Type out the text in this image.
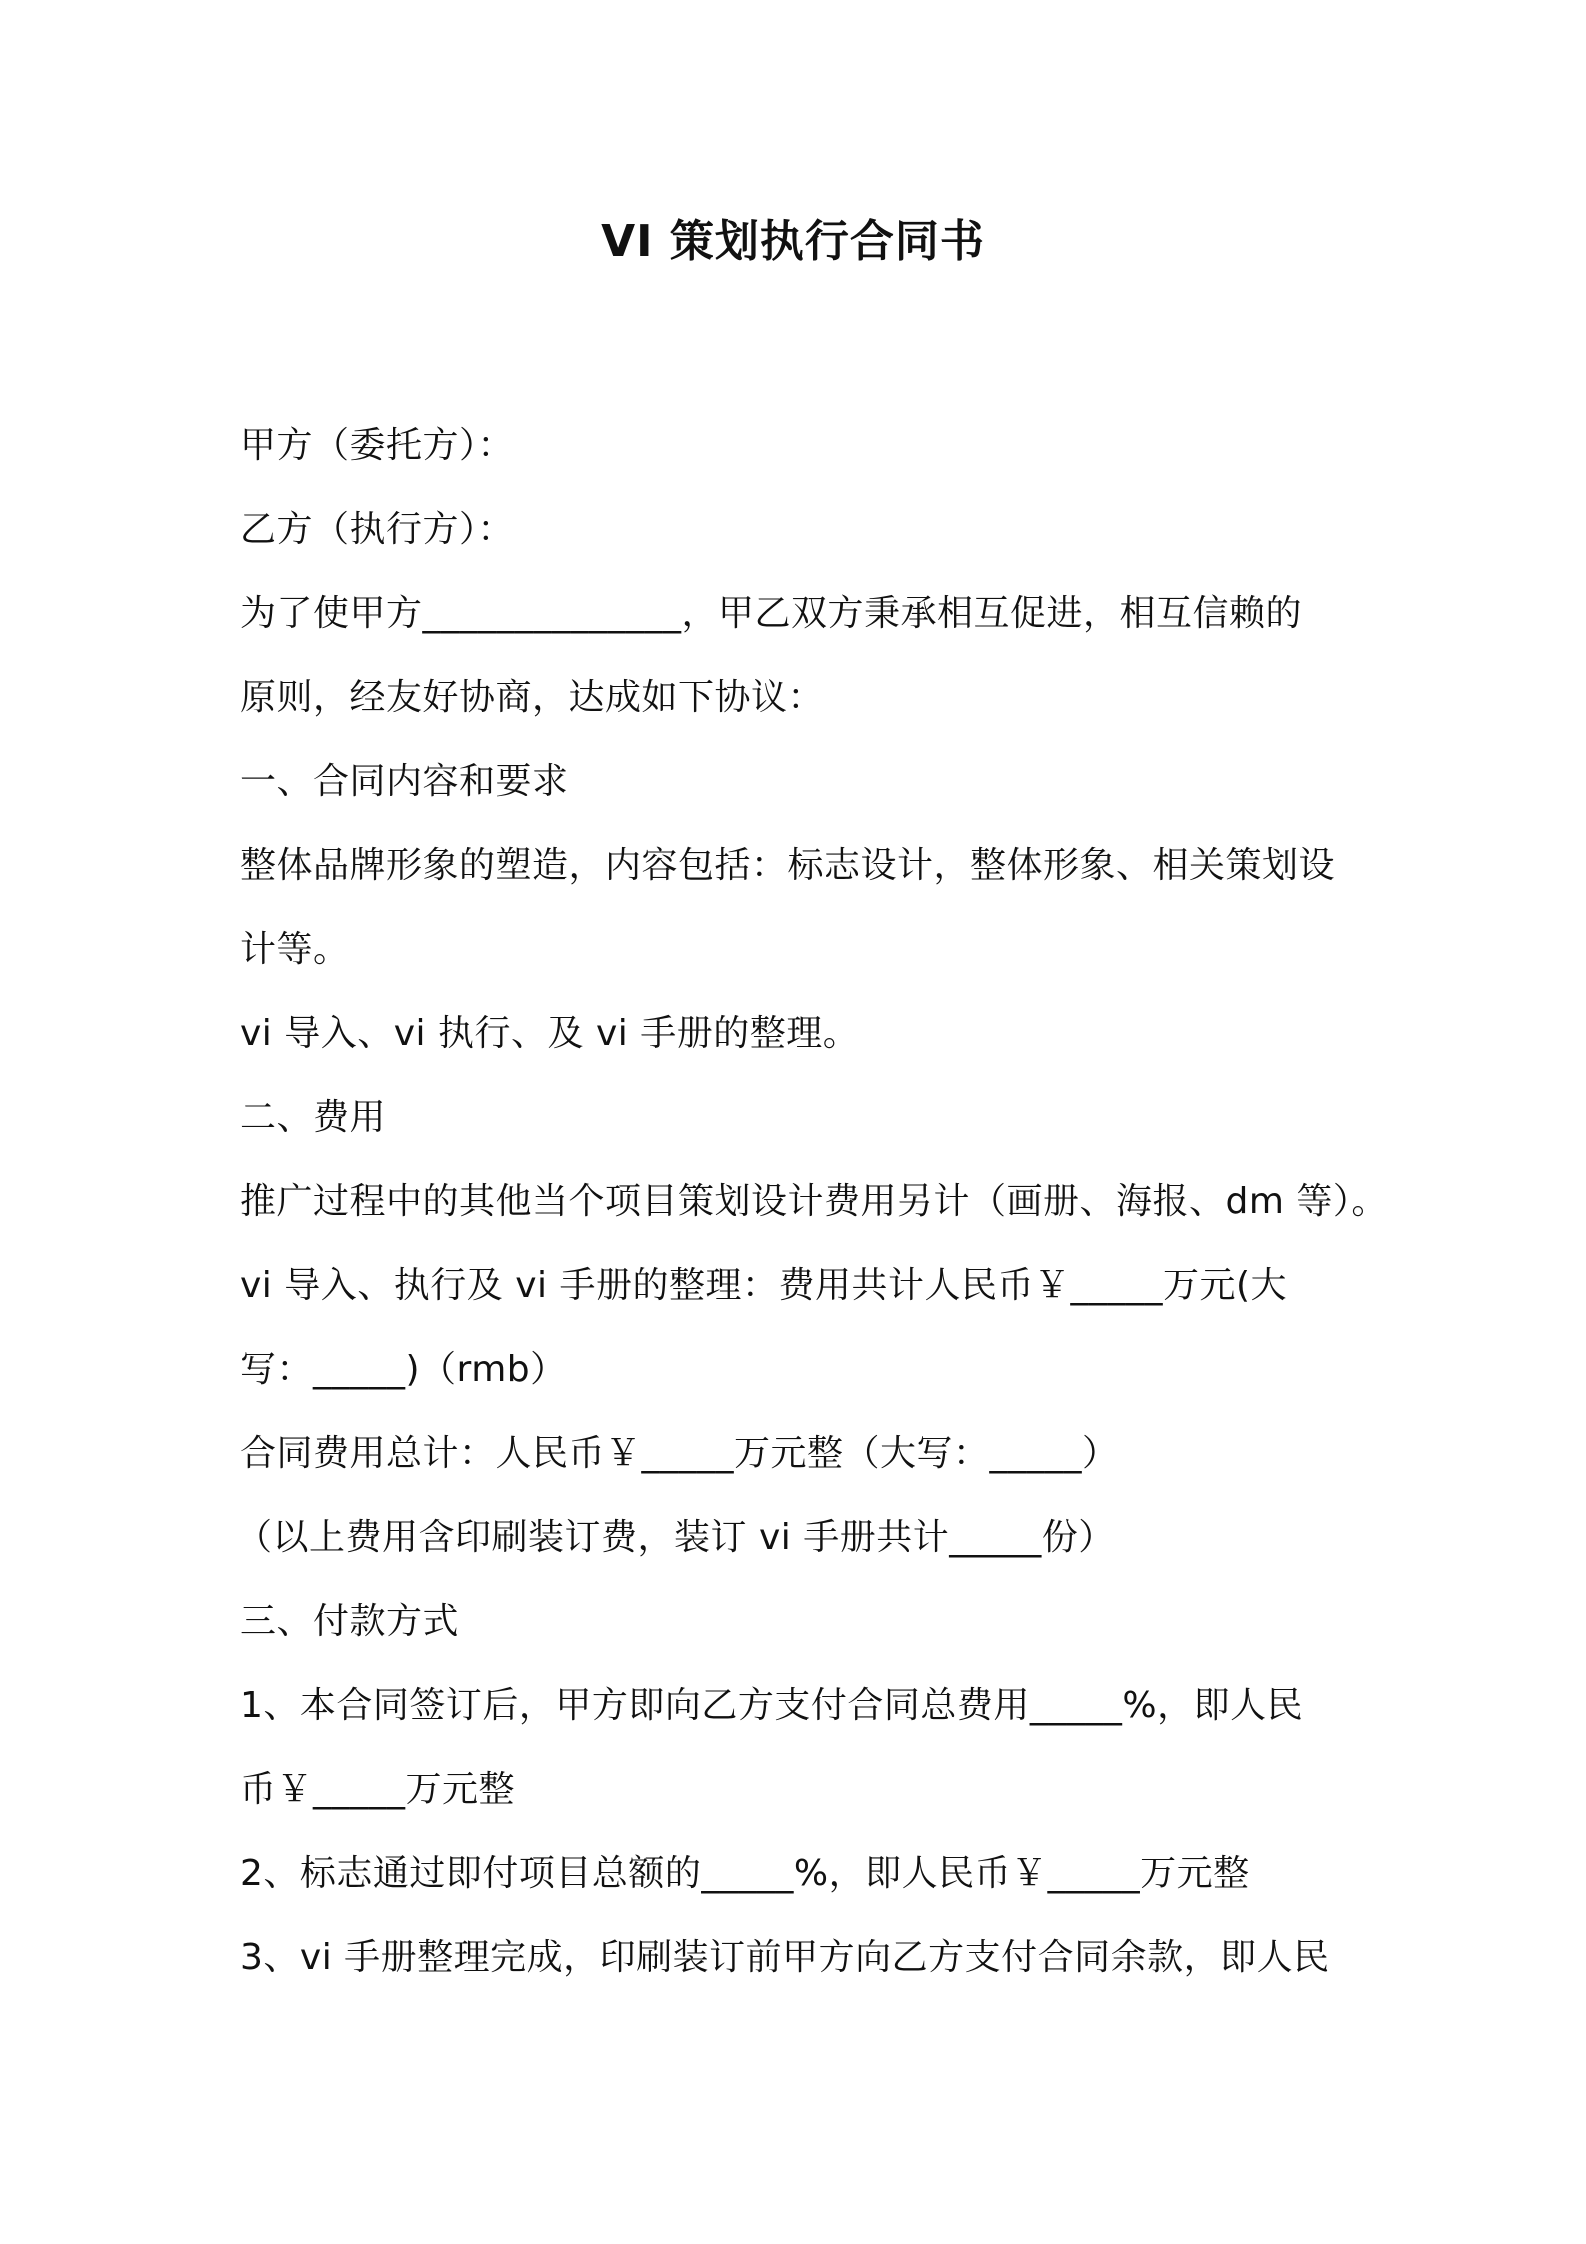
VI 策划执行合同书
甲方（委托方）：
乙方（执行方）：
为了使甲方______________，甲乙双方秉承相互促进，相互信赖的
原则，经友好协商，达成如下协议：
一、合同内容和要求
整体品牌形象的塑造，内容包括：标志设计，整体形象、相关策划设
计等。
vi 导入、vi 执行、及 vi 手册的整理。
二、费用
推广过程中的其他当个项目策划设计费用另计（画册、海报、dm 等）。
vi 导入、执行及 vi 手册的整理：费用共计人民币￥_____万元(大
写：_____)（rmb）
合同费用总计：人民币￥_____万元整（大写：_____）
（以上费用含印刷装订费，装订 vi 手册共计_____份）
三、付款方式
1、本合同签订后，甲方即向乙方支付合同总费用_____%，即人民
币￥_____万元整
2、标志通过即付项目总额的_____%，即人民币￥_____万元整
3、vi 手册整理完成，印刷装订前甲方向乙方支付合同余款，即人民
